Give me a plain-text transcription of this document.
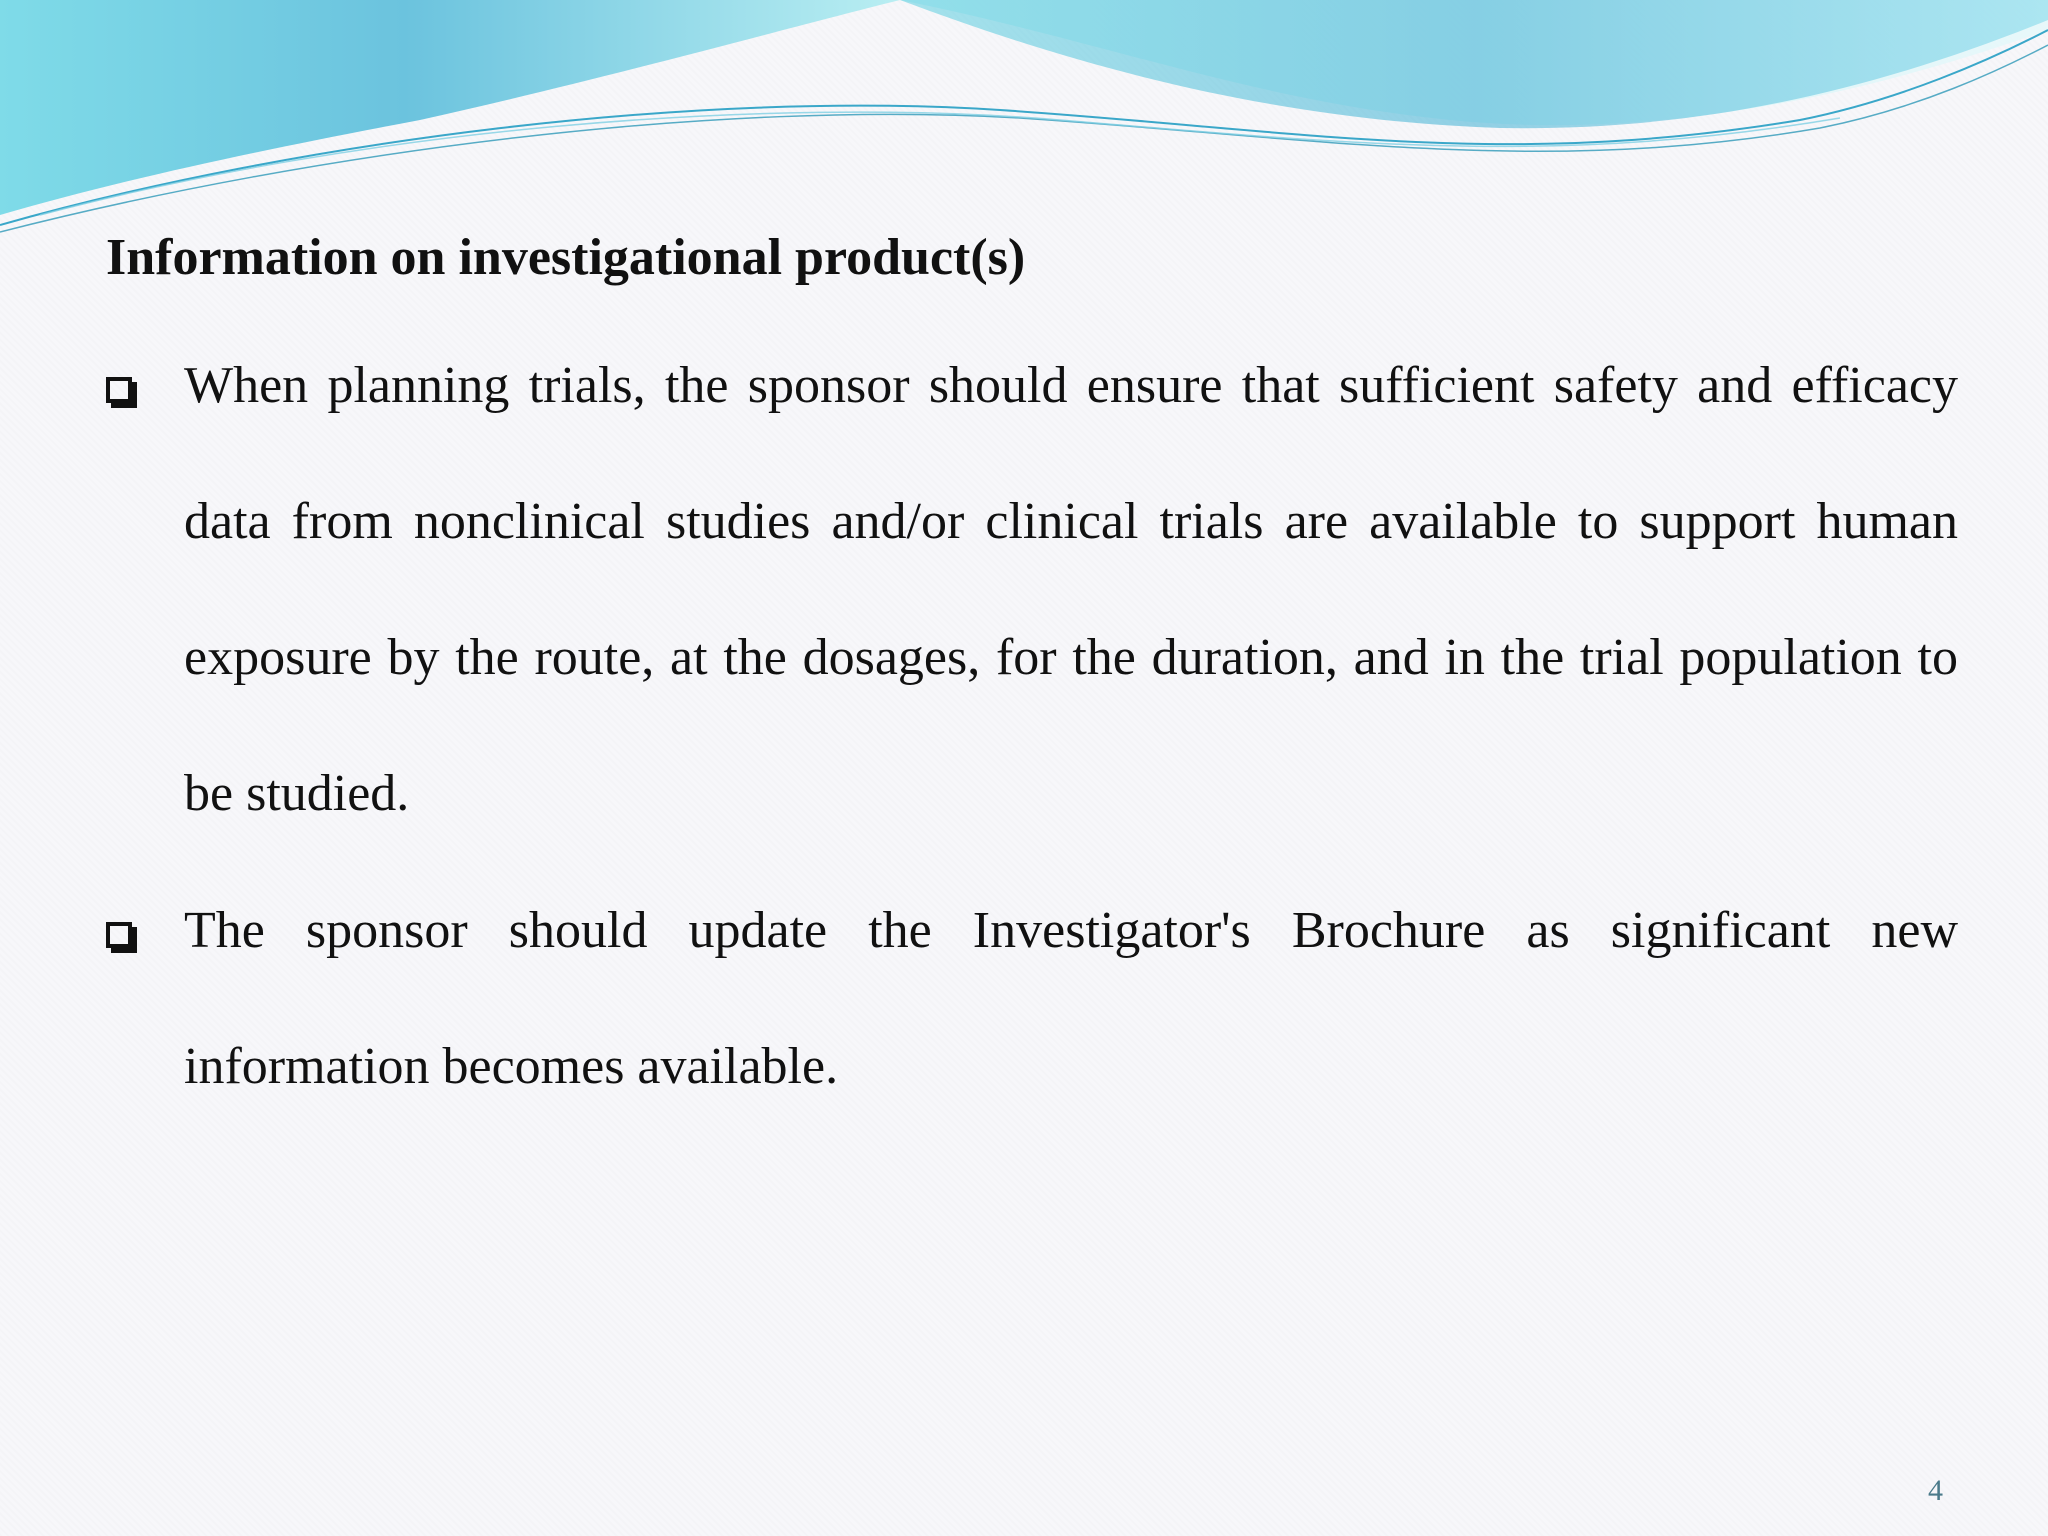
Information on investigational product(s)
When planning trials, the sponsor should ensure that sufficient safety and efficacy data from nonclinical studies and/or clinical trials are available to support human exposure by the route, at the dosages, for the duration, and in the trial population to be studied.
The sponsor should update the Investigator's Brochure as significant new information becomes available.
4
